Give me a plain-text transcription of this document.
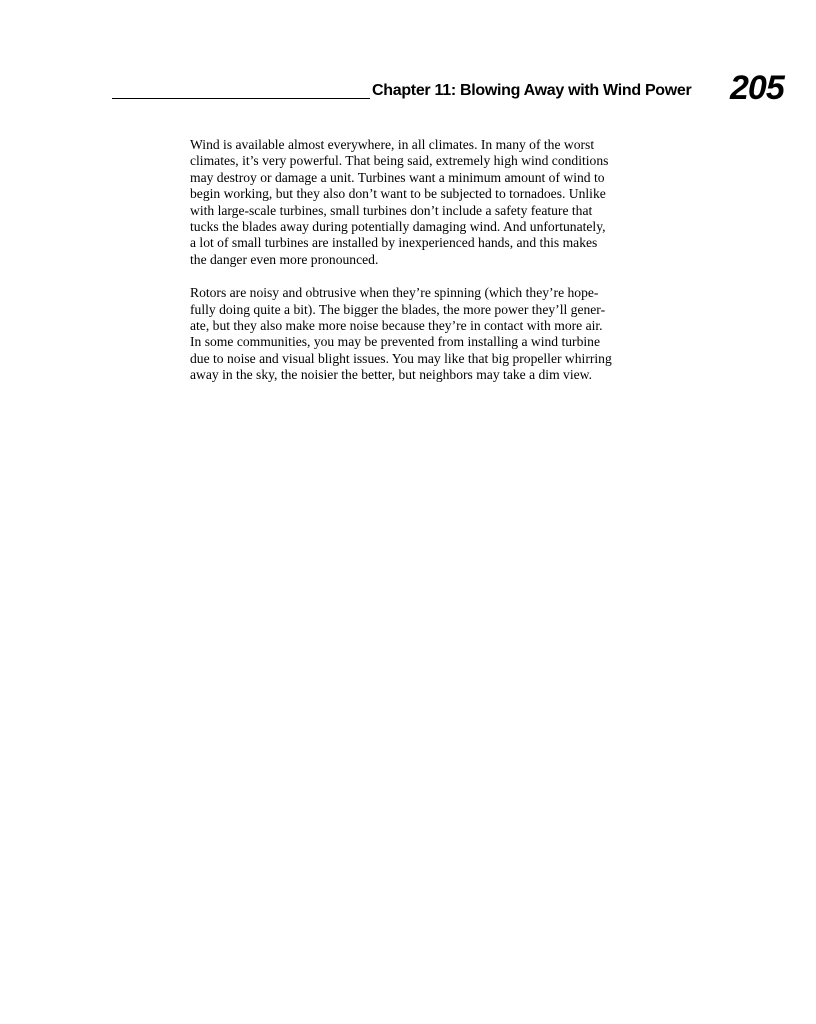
Chapter 11: Blowing Away with Wind Power 205

Wind is available almost everywhere, in all climates. In many of the worst
climates, it’s very powerful. That being said, extremely high wind conditions
may destroy or damage a unit. Turbines want a minimum amount of wind to
begin working, but they also don’t want to be subjected to tornadoes. Unlike
with large-scale turbines, small turbines don’t include a safety feature that
tucks the blades away during potentially damaging wind. And unfortunately,
a lot of small turbines are installed by inexperienced hands, and this makes
the danger even more pronounced.

Rotors are noisy and obtrusive when they’re spinning (which they’re hope-
fully doing quite a bit). The bigger the blades, the more power they’ll gener-
ate, but they also make more noise because they’re in contact with more air.
In some communities, you may be prevented from installing a wind turbine
due to noise and visual blight issues. You may like that big propeller whirring
away in the sky, the noisier the better, but neighbors may take a dim view.
